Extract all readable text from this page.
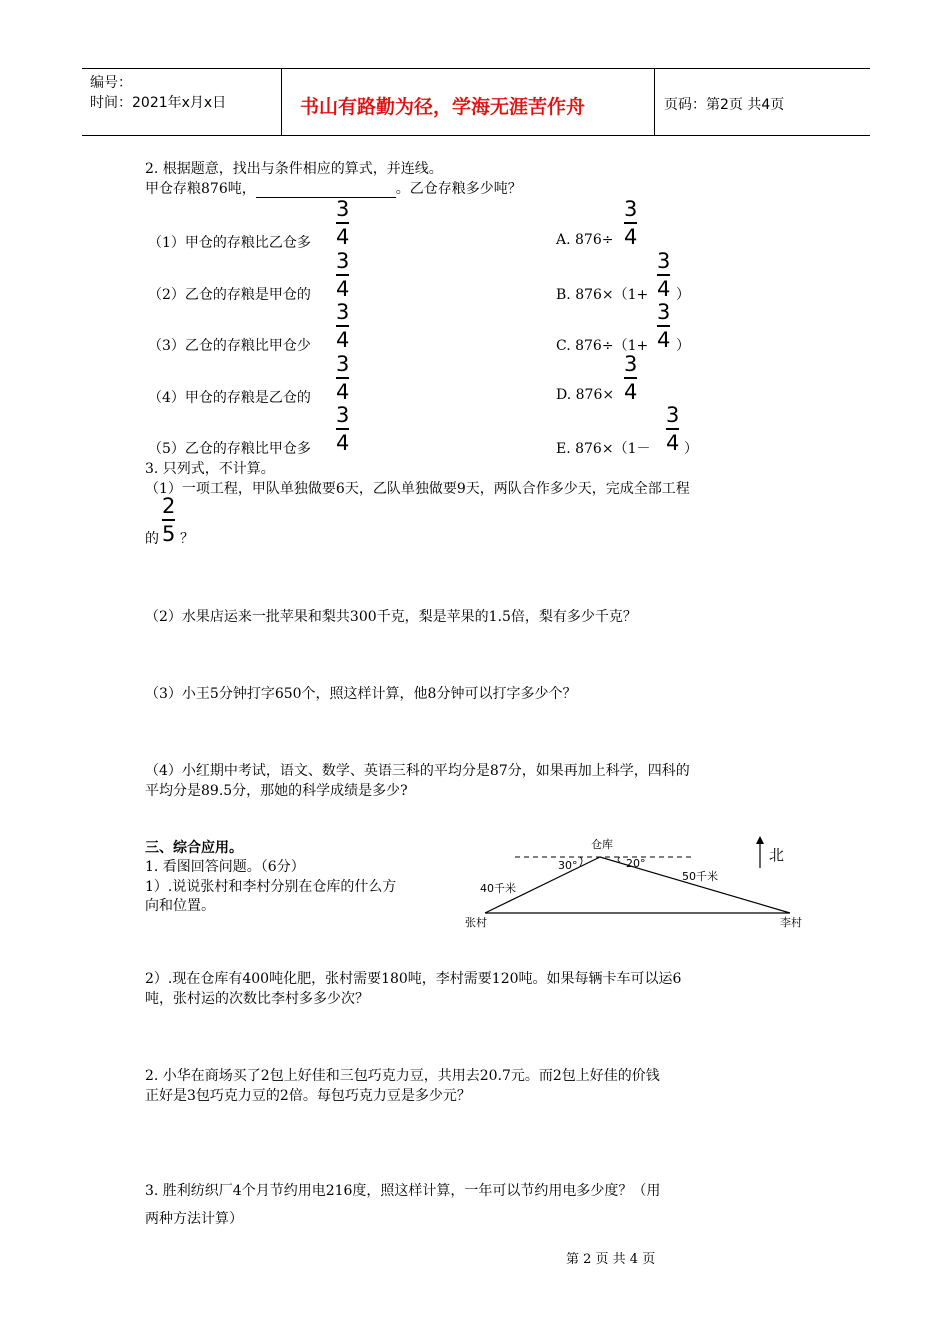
编号：
时间：2021年x月x日	书山有路勤为径，学海无涯苦作舟	页码：第2页 共4页
2. 根据题意，找出与条件相应的算式，并连线。
甲仓存粮876吨，	。乙仓存粮多少吨？
（1）甲仓的存粮比乙仓多
（2）乙仓的存粮是甲仓的
（3）乙仓的存粮比甲仓少
（4）甲仓的存粮是乙仓的
（5）乙仓的存粮比甲仓多
3
4
3
4
3
4
3
4
3
4
A. 876÷
3
4
B. 876×（1+
3
4 ）
C. 876÷（1+
3
4 ）
D. 876×
3
4
E. 876×（1－
3
4 ）
3. 只列式，不计算。
（1）一项工程，甲队单独做要6天，乙队单独做要9天，两队合作多少天，完成全部工程
的
2
5 ？
（2）水果店运来一批苹果和梨共300千克，梨是苹果的1.5倍，梨有多少千克？
（3）小王5分钟打字650个，照这样计算，他8分钟可以打字多少个？
（4）小红期中考试，语文、数学、英语三科的平均分是87分，如果再加上科学，四科的
平均分是89.5分，那她的科学成绩是多少?
三、综合应用。
1. 看图回答问题。（6分）
1）.说说张村和李村分别在仓库的什么方
向和位置。
仓库
30°	20°
40千米
50千米
张村	李村
北
2）.现在仓库有400吨化肥，张村需要180吨，李村需要120吨。如果每辆卡车可以运6
吨，张村运的次数比李村多多少次？
2. 小华在商场买了2包上好佳和三包巧克力豆，共用去20.7元。而2包上好佳的价钱
正好是3包巧克力豆的2倍。每包巧克力豆是多少元？
3. 胜利纺织厂4个月节约用电216度，照这样计算，一年可以节约用电多少度？（用
两种方法计算）
第 2 页 共 4 页
